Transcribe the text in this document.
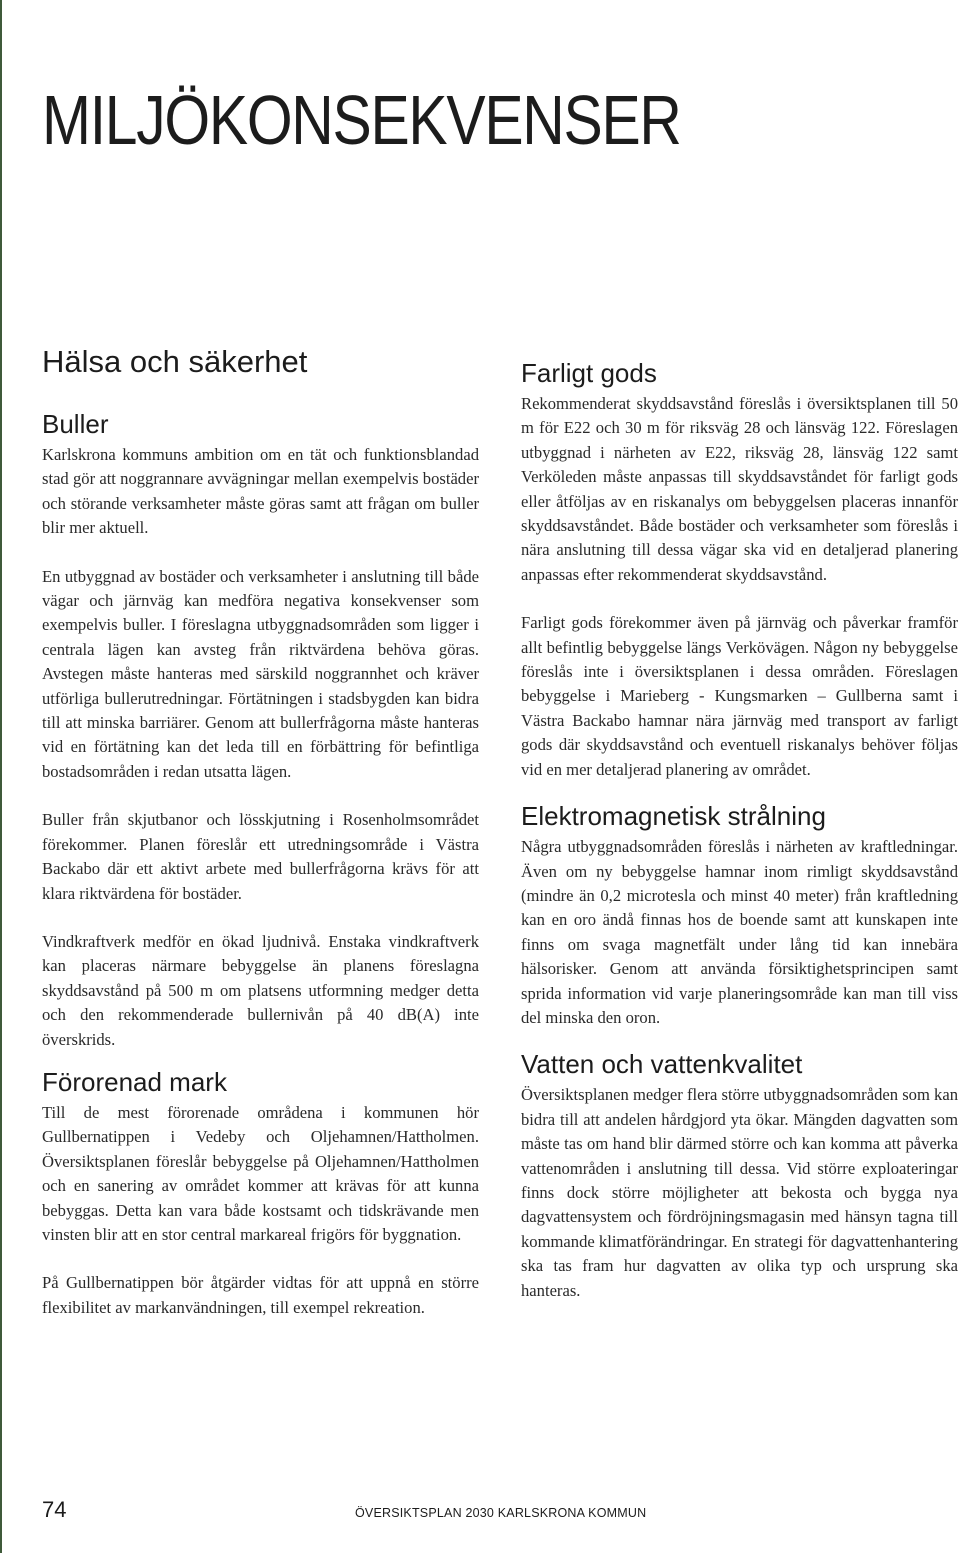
MILJÖKONSEKVENSER
Hälsa och säkerhet
Buller

Karlskrona kommuns ambition om en tät och funktionsblandad stad gör att noggrannare avvägningar mellan exempelvis bostäder och störande verksamheter måste göras samt att frågan om buller blir mer aktuell.

En utbyggnad av bostäder och verksamheter i anslutning till både vägar och järnväg kan medföra negativa konsekvenser som exempelvis buller. I föreslagna utbyggnadsområden som ligger i centrala lägen kan avsteg från riktvärdena behöva göras. Avstegen måste hanteras med särskild noggrannhet och kräver utförliga bullerutredningar. Förtätningen i stadsbygden kan bidra till att minska barriärer. Genom att bullerfrågorna måste hanteras vid en förtätning kan det leda till en förbättring för befintliga bostadsområden i redan utsatta lägen.

Buller från skjutbanor och lösskjutning i Rosenholmsområdet förekommer. Planen föreslår ett utredningsområde i Västra Backabo där ett aktivt arbete med bullerfrågorna krävs för att klara riktvärdena för bostäder.

Vindkraftverk medför en ökad ljudnivå. Enstaka vindkraftverk kan placeras närmare bebyggelse än planens föreslagna skyddsavstånd på 500 m om platsens utformning medger detta och den rekommenderade bullernivån på 40 dB(A) inte överskrids.

Förorenad mark

Till de mest förorenade områdena i kommunen hör Gullbernatippen i Vedeby och Oljehamnen/Hattholmen. Översiktsplanen föreslår bebyggelse på Oljehamnen/Hattholmen och en sanering av området kommer att krävas för att kunna bebyggas. Detta kan vara både kostsamt och tidskrävande men vinsten blir att en stor central markareal frigörs för byggnation.

På Gullbernatippen bör åtgärder vidtas för att uppnå en större flexibilitet av markanvändningen, till exempel rekreation.

Farligt gods

Rekommenderat skyddsavstånd föreslås i översiktsplanen till 50 m för E22 och 30 m för riksväg 28 och länsväg 122. Föreslagen utbyggnad i närheten av E22, riksväg 28, länsväg 122 samt Verköleden måste anpassas till skyddsavståndet för farligt gods eller åtföljas av en riskanalys om bebyggelsen placeras innanför skyddsavståndet. Både bostäder och verksamheter som föreslås i nära anslutning till dessa vägar ska vid en detaljerad planering anpassas efter rekommenderat skyddsavstånd.

Farligt gods förekommer även på järnväg och påverkar framför allt befintlig bebyggelse längs Verkövägen. Någon ny bebyggelse föreslås inte i översiktsplanen i dessa områden. Föreslagen bebyggelse i Marieberg - Kungsmarken – Gullberna samt i Västra Backabo hamnar nära järnväg med transport av farligt gods där skyddsavstånd och eventuell riskanalys behöver följas vid en mer detaljerad planering av området.

Elektromagnetisk strålning

Några utbyggnadsområden föreslås i närheten av kraftledningar. Även om ny bebyggelse hamnar inom rimligt skyddsavstånd (mindre än 0,2 microtesla och minst 40 meter) från kraftledning kan en oro ändå finnas hos de boende samt att kunskapen inte finns om svaga magnetfält under lång tid kan innebära hälsorisker. Genom att använda försiktighetsprincipen samt sprida information vid varje planeringsområde kan man till viss del minska den oron.

Vatten och vattenkvalitet

Översiktsplanen medger flera större utbyggnadsområden som kan bidra till att andelen hårdgjord yta ökar. Mängden dagvatten som måste tas om hand blir därmed större och kan komma att påverka vattenområden i anslutning till dessa. Vid större exploateringar finns dock större möjligheter att bekosta och bygga nya dagvattensystem och fördröjningsmagasin med hänsyn tagna till kommande klimatförändringar. En strategi för dagvattenhantering ska tas fram hur dagvatten av olika typ och ursprung ska hanteras.

74	ÖVERSIKTSPLAN 2030 KARLSKRONA KOMMUN
